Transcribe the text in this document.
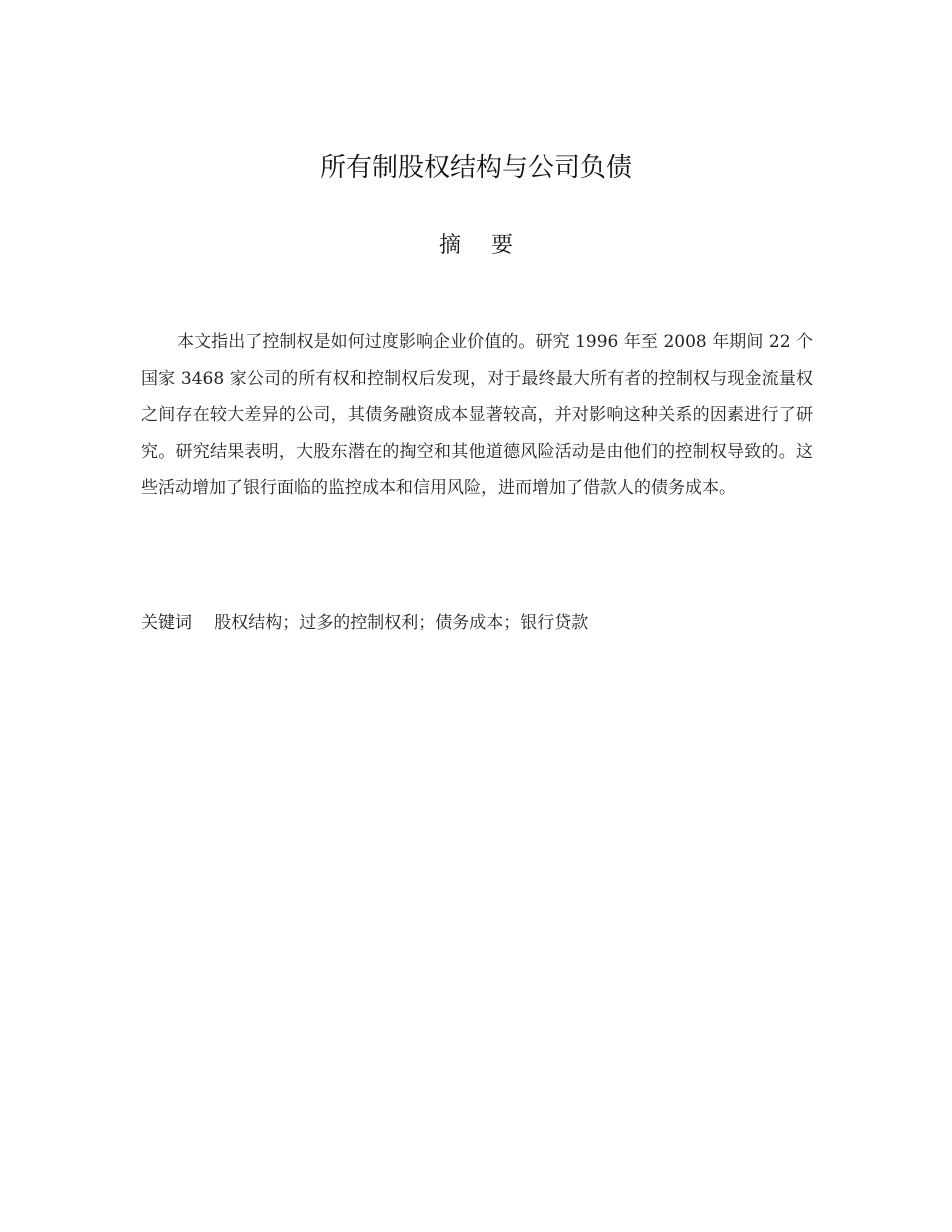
所有制股权结构与公司负债
摘要

本文指出了控制权是如何过度影响企业价值的。研究 1996 年至 2008 年期间 22 个国家 3468 家公司的所有权和控制权后发现，对于最终最大所有者的控制权与现金流量权之间存在较大差异的公司，其债务融资成本显著较高，并对影响这种关系的因素进行了研究。研究结果表明，大股东潜在的掏空和其他道德风险活动是由他们的控制权导致的。这些活动增加了银行面临的监控成本和信用风险，进而增加了借款人的债务成本。

关键词 股权结构；过多的控制权利；债务成本；银行贷款
